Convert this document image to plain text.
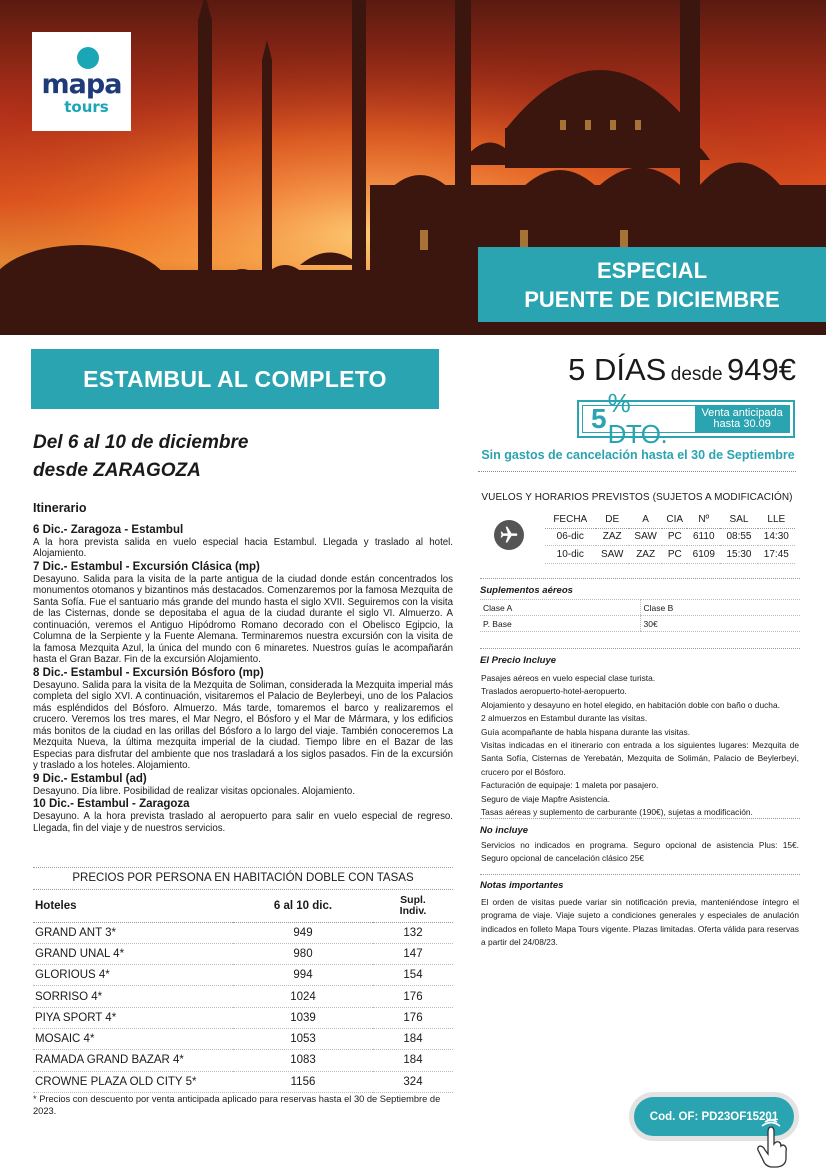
mapa
tours
ESPECIAL
PUENTE DE DICIEMBRE
ESTAMBUL AL COMPLETO
Del 6 al 10 de diciembre
desde ZARAGOZA
5 DÍAS desde 949€
5 % DTO.
Venta anticipada
hasta 30.09
Sin gastos de cancelación hasta el 30 de Septiembre
Itinerario
6 Dic.- Zaragoza - Estambul
A la hora prevista salida en vuelo especial hacia Estambul. Llegada y traslado al hotel. Alojamiento.
7 Dic.- Estambul - Excursión Clásica (mp)
Desayuno. Salida para la visita de la parte antigua de la ciudad donde están concentrados los monumentos otomanos y bizantinos más destacados. Comenzaremos por la famosa Mezquita de Santa Sofía. Fue el santuario más grande del mundo hasta el siglo XVII. Seguiremos con la visita de las Cisternas, donde se depositaba el agua de la ciudad durante el siglo VI. Almuerzo. A continuación, veremos el Antiguo Hipódromo Romano decorado con el Obelisco Egipcio, la Columna de la Serpiente y la Fuente Alemana. Terminaremos nuestra excursión con la visita de la famosa Mezquita Azul, la única del mundo con 6 minaretes. Nuestros guías le acompañarán hasta el Gran Bazar. Fin de la excursión Alojamiento.
8 Dic.- Estambul - Excursión Bósforo (mp)
Desayuno. Salida para la visita de la Mezquita de Soliman, considerada la Mezquita imperial más completa del siglo XVI. A continuación, visitaremos el Palacio de Beylerbeyi, uno de los Palacios más espléndidos del Bósforo. Almuerzo. Más tarde, tomaremos el barco y realizaremos el crucero. Veremos los tres mares, el Mar Negro, el Bósforo y el Mar de Mármara, y los edificios más bonitos de la ciudad en las orillas del Bósforo a lo largo del viaje. También conoceremos La Mezquita Nueva, la última mezquita imperial de la ciudad. Tiempo libre en el Bazar de las Especias para disfrutar del ambiente que nos trasladará a los siglos pasados. Fin de la excursión y traslado a los hoteles. Alojamiento.
9 Dic.- Estambul (ad)
Desayuno. Día libre. Posibilidad de realizar visitas opcionales. Alojamiento.
10 Dic.- Estambul - Zaragoza
Desayuno. A la hora prevista traslado al aeropuerto para salir en vuelo especial de regreso. Llegada, fin del viaje y de nuestros servicios.
PRECIOS POR PERSONA EN HABITACIÓN DOBLE CON TASAS
Hoteles	6 al 10 dic.	Supl.
Indiv.

GRAND ANT 3*	949	132
GRAND UNAL 4*	980	147
GLORIOUS 4*	994	154
SORRISO 4*	1024	176
PIYA SPORT 4*	1039	176
MOSAIC 4*	1053	184
RAMADA GRAND BAZAR 4*	1083	184
CROWNE PLAZA OLD CITY 5*	1156	324
* Precios con descuento por venta anticipada aplicado para reservas hasta el 30 de Septiembre de 2023.
VUELOS Y HORARIOS PREVISTOS (SUJETOS A MODIFICACIÓN)
FECHA	DE	A	CIA	Nº	SAL	LLE
06-dic	ZAZ	SAW	PC	6110	08:55	14:30
10-dic	SAW	ZAZ	PC	6109	15:30	17:45
Suplementos aéreos
Clase A	Clase B
P. Base	30€
El Precio Incluye
Pasajes aéreos en vuelo especial clase turista.
Traslados aeropuerto-hotel-aeropuerto.
Alojamiento y desayuno en hotel elegido, en habitación doble con baño o ducha.
2 almuerzos en Estambul durante las visitas.
Guía acompañante de habla hispana durante las visitas.
Visitas indicadas en el itinerario con entrada a los siguientes lugares: Mezquita de Santa Sofía, Cisternas de Yerebatán, Mezquita de Solimán, Palacio de Beylerbeyi, crucero por el Bósforo.
Facturación de equipaje: 1 maleta por pasajero.
Seguro de viaje Mapfre Asistencia.
Tasas aéreas y suplemento de carburante (190€), sujetas a modificación.
No incluye
Servicios no indicados en programa. Seguro opcional de asistencia Plus: 15€. Seguro opcional de cancelación clásico 25€
Notas importantes
El orden de visitas puede variar sin notificación previa, manteniéndose íntegro el programa de viaje. Viaje sujeto a condiciones generales y especiales de anulación indicados en folleto Mapa Tours vigente. Plazas limitadas. Oferta válida para reservas a partir del 24/08/23.
Cod. OF: PD23OF15201
